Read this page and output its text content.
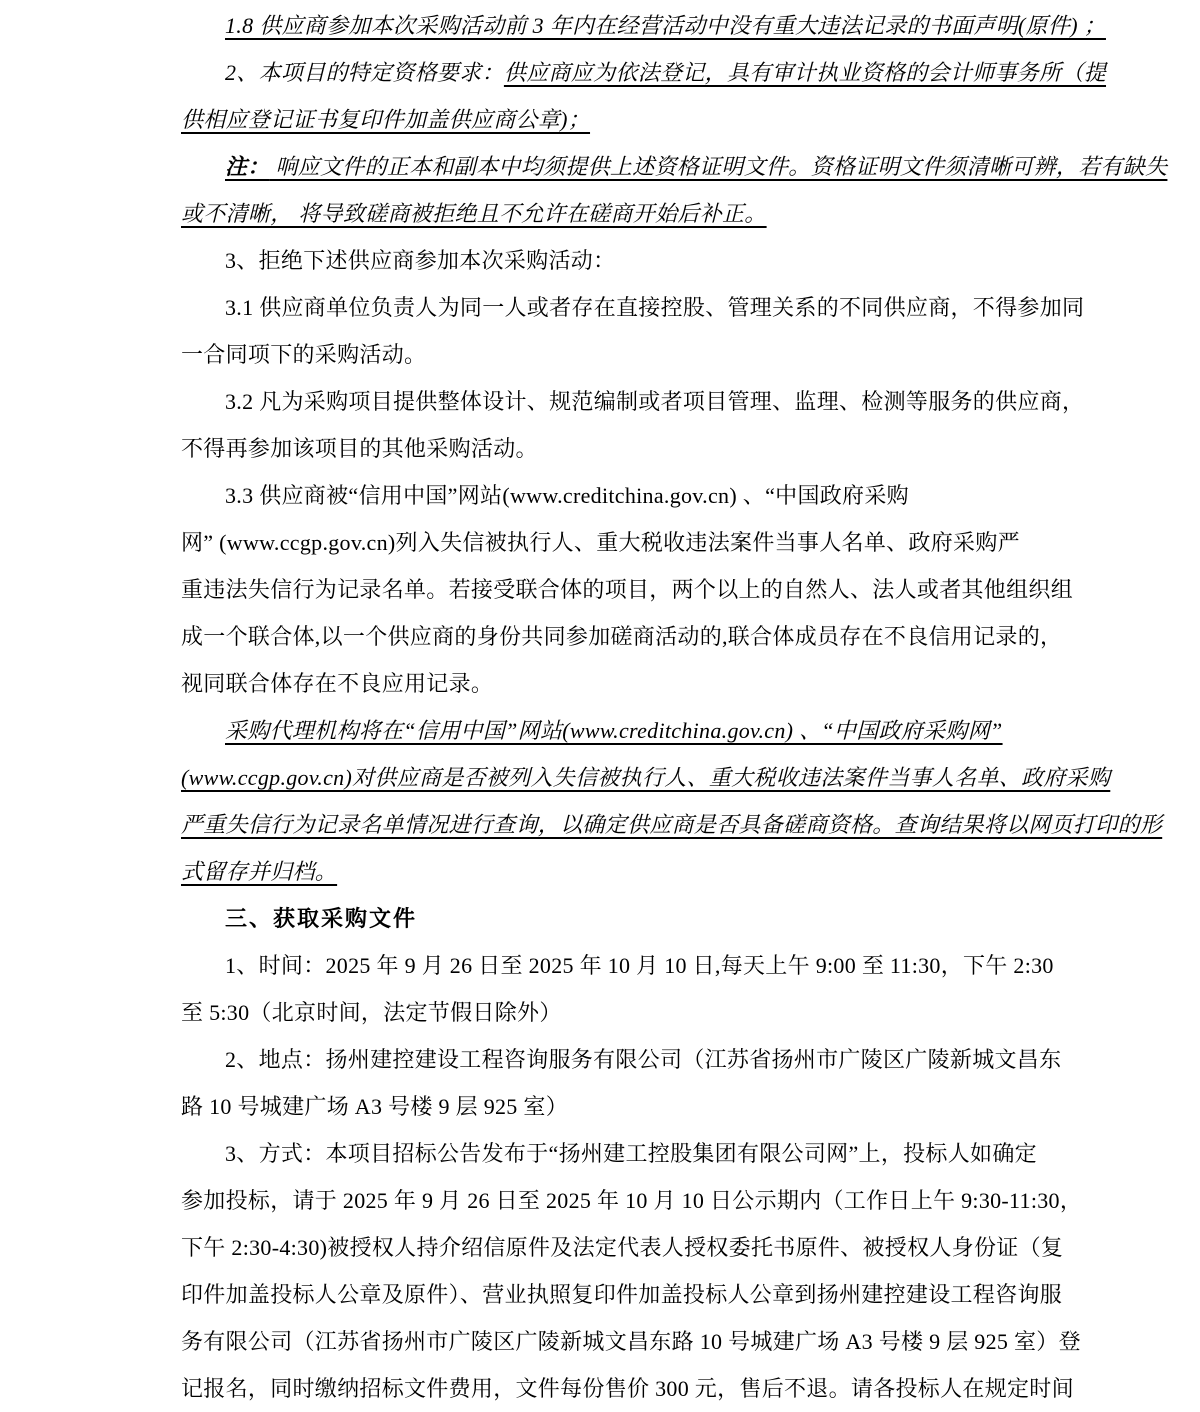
1.8 供应商参加本次采购活动前 3 年内在经营活动中没有重大违法记录的书面声明(原件) ；
2、本项目的特定资格要求：供应商应为依法登记，具有审计执业资格的会计师事务所（提
供相应登记证书复印件加盖供应商公章)；
注： 响应文件的正本和副本中均须提供上述资格证明文件。资格证明文件须清晰可辨，若有缺失
或不清晰， 将导致磋商被拒绝且不允许在磋商开始后补正。
3、拒绝下述供应商参加本次采购活动：
3.1 供应商单位负责人为同一人或者存在直接控股、管理关系的不同供应商，不得参加同
一合同项下的采购活动。
3.2 凡为采购项目提供整体设计、规范编制或者项目管理、监理、检测等服务的供应商，
不得再参加该项目的其他采购活动。
3.3 供应商被“信用中国”网站(www.creditchina.gov.cn) 、“中国政府采购
网” (www.ccgp.gov.cn)列入失信被执行人、重大税收违法案件当事人名单、政府采购严
重违法失信行为记录名单。若接受联合体的项目，两个以上的自然人、法人或者其他组织组
成一个联合体,以一个供应商的身份共同参加磋商活动的,联合体成员存在不良信用记录的，
视同联合体存在不良应用记录。
采购代理机构将在“信用中国”网站(www.creditchina.gov.cn) 、“中国政府采购网”
(www.ccgp.gov.cn)对供应商是否被列入失信被执行人、重大税收违法案件当事人名单、政府采购
严重失信行为记录名单情况进行查询，以确定供应商是否具备磋商资格。查询结果将以网页打印的形
式留存并归档。
三、获取采购文件
1、时间：2025 年 9 月 26 日至 2025 年 10 月 10 日,每天上午 9:00 至 11:30，下午 2:30
至 5:30（北京时间，法定节假日除外）
2、地点：扬州建控建设工程咨询服务有限公司（江苏省扬州市广陵区广陵新城文昌东
路 10 号城建广场 A3 号楼 9 层 925 室）
3、方式：本项目招标公告发布于“扬州建工控股集团有限公司网”上，投标人如确定
参加投标，请于 2025 年 9 月 26 日至 2025 年 10 月 10 日公示期内（工作日上午 9:30-11:30，
下午 2:30-4:30)被授权人持介绍信原件及法定代表人授权委托书原件、被授权人身份证（复
印件加盖投标人公章及原件）、营业执照复印件加盖投标人公章到扬州建控建设工程咨询服
务有限公司（江苏省扬州市广陵区广陵新城文昌东路 10 号城建广场 A3 号楼 9 层 925 室）登
记报名，同时缴纳招标文件费用，文件每份售价 300 元，售后不退。请各投标人在规定时间
